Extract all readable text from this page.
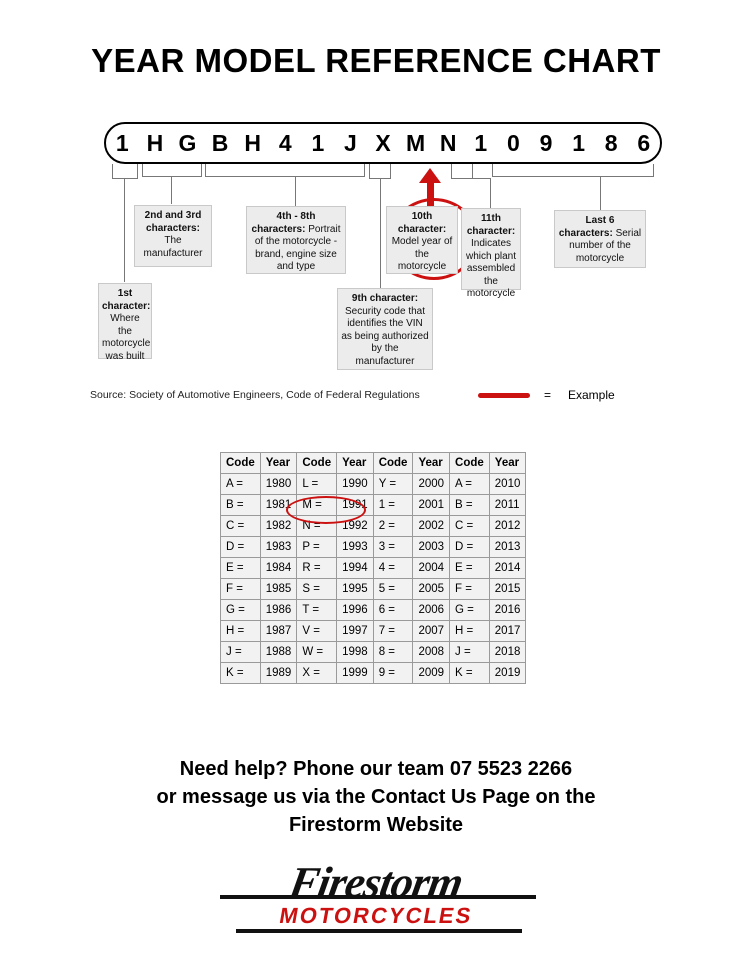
YEAR MODEL REFERENCE CHART
1 H G B H 4 1 J X M N 1 0 9 1 8 6
1st character: Where the motorcycle was built
2nd and 3rd characters: The manufacturer
4th - 8th characters: Portrait of the motorcycle - brand, engine size and type
9th character: Security code that identifies the VIN as being authorized by the manufacturer
10th character: Model year of the motorcycle
11th character: Indicates which plant assembled the motorcycle
Last 6 characters: Serial number of the motorcycle
Source: Society of Automotive Engineers, Code of Federal Regulations	= Example
Code	Year	Code	Year	Code	Year	Code	Year
A =	1980	L =	1990	Y =	2000	A =	2010
B =	1981	M =	1991	1 =	2001	B =	2011
C =	1982	N =	1992	2 =	2002	C =	2012
D =	1983	P =	1993	3 =	2003	D =	2013
E =	1984	R =	1994	4 =	2004	E =	2014
F =	1985	S =	1995	5 =	2005	F =	2015
G =	1986	T =	1996	6 =	2006	G =	2016
H =	1987	V =	1997	7 =	2007	H =	2017
J =	1988	W =	1998	8 =	2008	J =	2018
K =	1989	X =	1999	9 =	2009	K =	2019
Need help? Phone our team 07 5523 2266
or message us via the Contact Us Page on the
Firestorm Website
Firestorm
MOTORCYCLES
